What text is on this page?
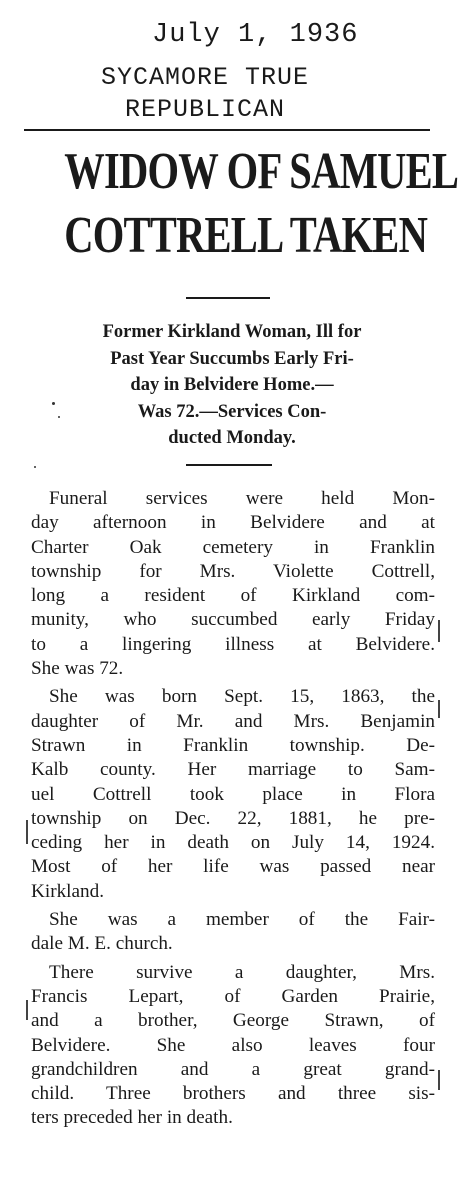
July 1, 1936
SYCAMORE TRUE
REPUBLICAN
WIDOW OF SAMUEL
COTTRELL TAKEN
Former Kirkland Woman, Ill for
Past Year Succumbs Early Fri-
day in Belvidere Home.—
Was 72.—Services Con-
ducted Monday.
Funeral services were held Mon-
day afternoon in Belvidere and at
Charter Oak cemetery in Franklin
township for Mrs. Violette Cottrell,
long a resident of Kirkland com-
munity, who succumbed early Friday
to a lingering illness at Belvidere.
She was 72.
She was born Sept. 15, 1863, the
daughter of Mr. and Mrs. Benjamin
Strawn in Franklin township. De-
Kalb county. Her marriage to Sam-
uel Cottrell took place in Flora
township on Dec. 22, 1881, he pre-
ceding her in death on July 14, 1924.
Most of her life was passed near
Kirkland.
She was a member of the Fair-
dale M. E. church.
There survive a daughter, Mrs.
Francis Lepart, of Garden Prairie,
and a brother, George Strawn, of
Belvidere. She also leaves four
grandchildren and a great grand-
child. Three brothers and three sis-
ters preceded her in death.
